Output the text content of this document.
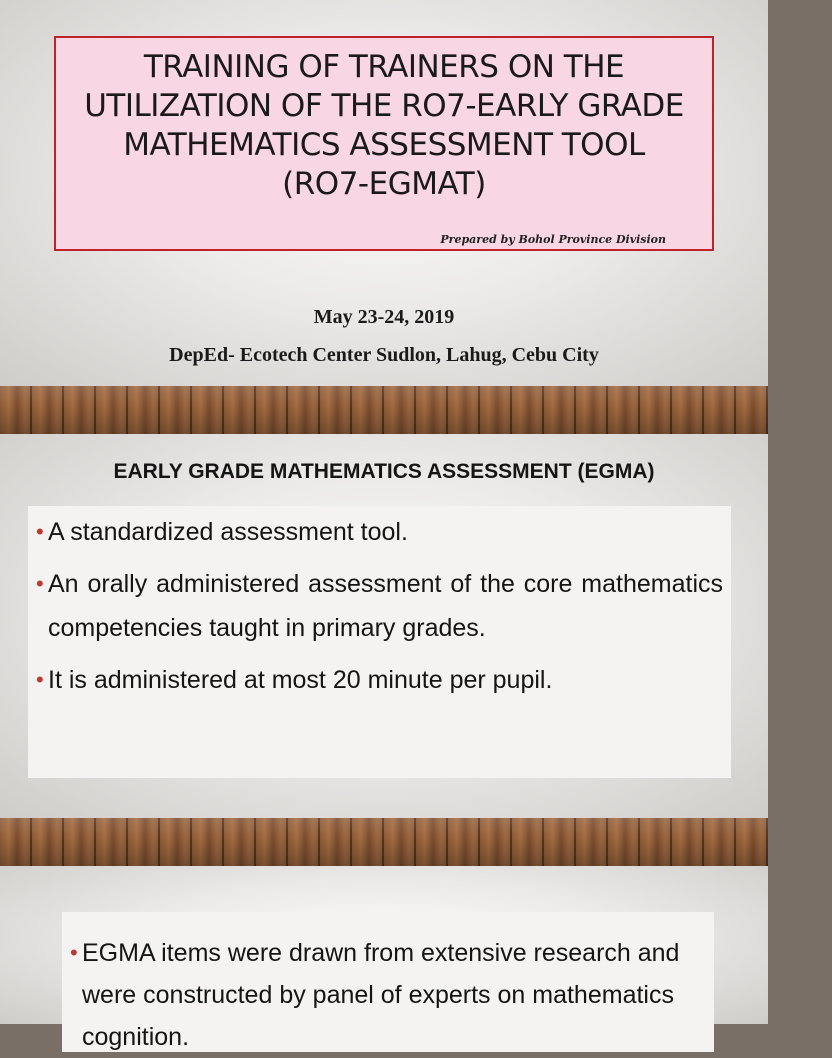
TRAINING OF TRAINERS ON THE UTILIZATION OF THE RO7-EARLY GRADE MATHEMATICS ASSESSMENT TOOL (RO7-EGMAT)
Prepared by Bohol Province Division
May 23-24, 2019
DepEd- Ecotech Center Sudlon, Lahug, Cebu City
EARLY GRADE MATHEMATICS ASSESSMENT (EGMA)
• A standardized assessment tool.
• An orally administered assessment of the core mathematics competencies taught in primary grades.
• It is administered at most 20 minute per pupil.
• EGMA items were drawn from extensive research and were constructed by panel of experts on mathematics cognition.
